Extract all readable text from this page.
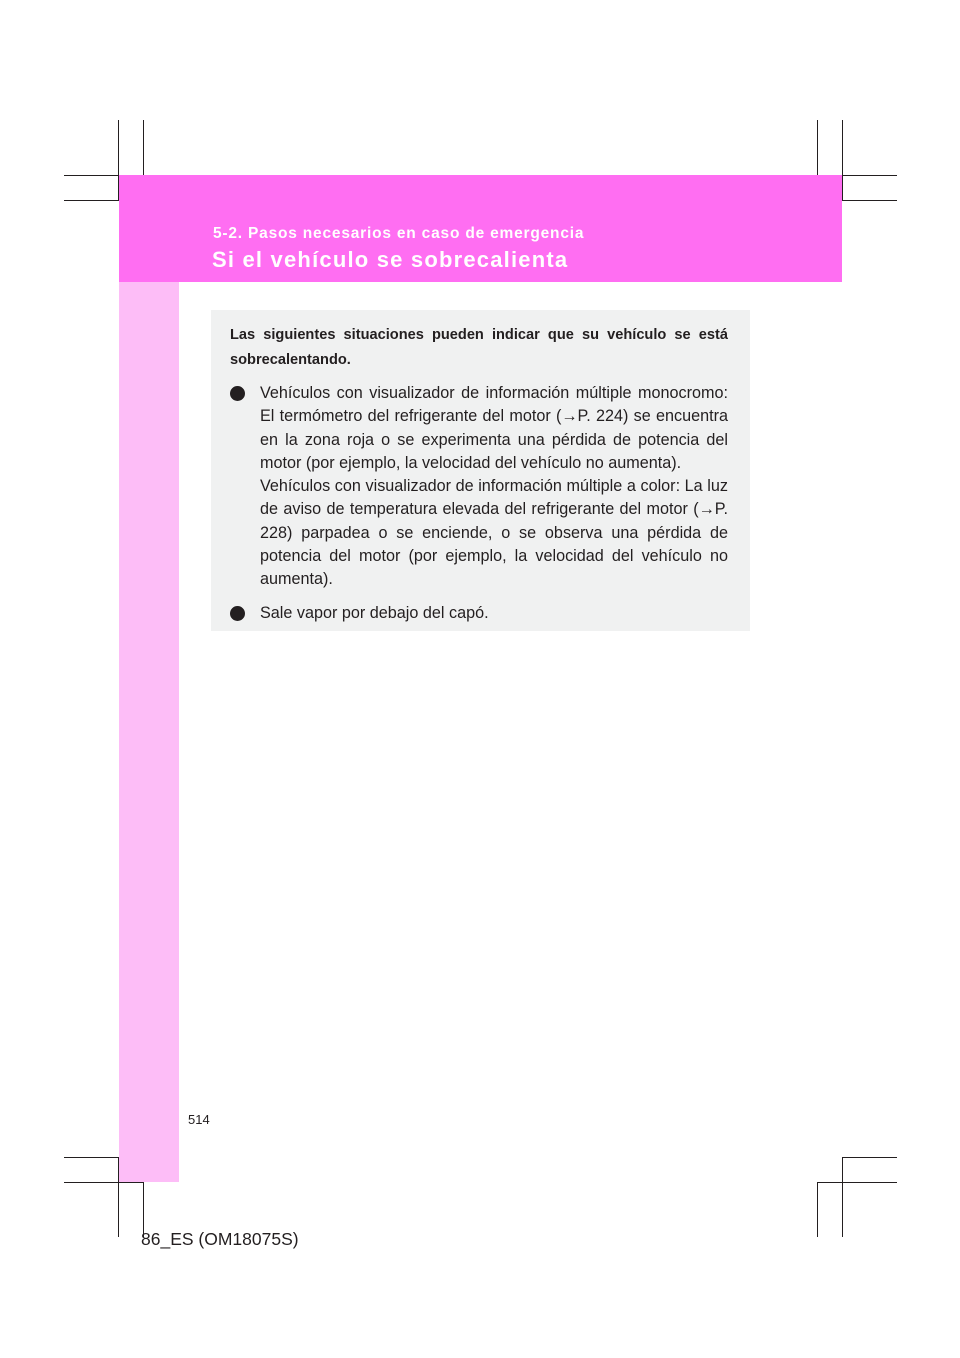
5-2. Pasos necesarios en caso de emergencia
Si el vehículo se sobrecalienta

Las siguientes situaciones pueden indicar que su vehículo se está sobrecalentando.

Vehículos con visualizador de información múltiple monocromo: El termómetro del refrigerante del motor (→P. 224) se encuentra en la zona roja o se experimenta una pérdida de potencia del motor (por ejemplo, la velocidad del vehículo no aumenta).

Vehículos con visualizador de información múltiple a color: La luz de aviso de temperatura elevada del refrigerante del motor (→P. 228) parpadea o se enciende, o se observa una pérdida de potencia del motor (por ejemplo, la velocidad del vehículo no aumenta).

Sale vapor por debajo del capó.

514
86_ES (OM18075S)
